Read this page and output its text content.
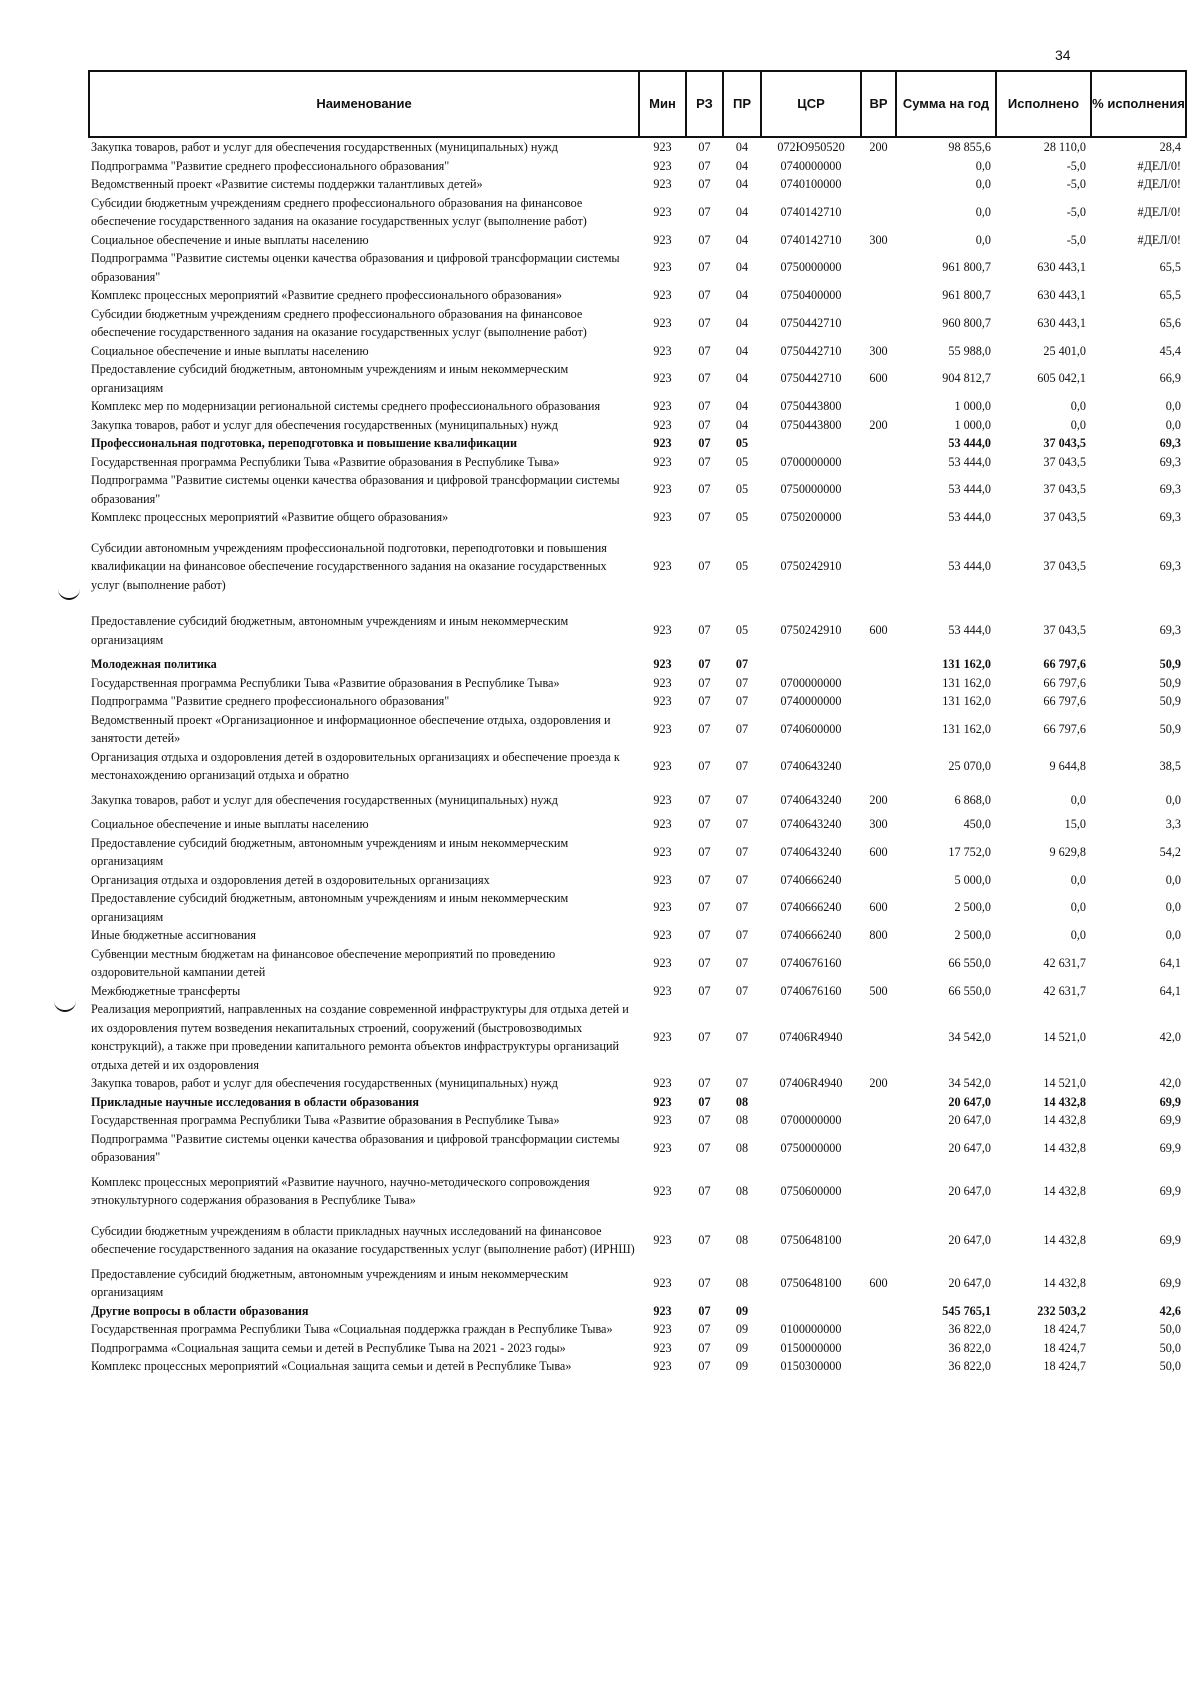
34
Наименование	Мин	РЗ	ПР	ЦСР	ВР	Сумма на год	Исполнено	% исполнения
Закупка товаров, работ и услуг для обеспечения государственных (муниципальных) нужд	923	07	04	072Ю950520	200	98 855,6	28 110,0	28,4
Подпрограмма "Развитие среднего профессионального образования"	923	07	04	0740000000		0,0	-5,0	#ДЕЛ/0!
Ведомственный проект «Развитие системы поддержки талантливых детей»	923	07	04	0740100000		0,0	-5,0	#ДЕЛ/0!
Субсидии бюджетным учреждениям среднего профессионального образования на финансовое обеспечение государственного задания на оказание государственных услуг (выполнение работ)	923	07	04	0740142710		0,0	-5,0	#ДЕЛ/0!
Социальное обеспечение и иные выплаты населению	923	07	04	0740142710	300	0,0	-5,0	#ДЕЛ/0!
Подпрограмма "Развитие системы оценки качества образования и цифровой трансформации системы образования"	923	07	04	0750000000		961 800,7	630 443,1	65,5
Комплекс процессных мероприятий «Развитие среднего профессионального образования»	923	07	04	0750400000		961 800,7	630 443,1	65,5
Субсидии бюджетным учреждениям среднего профессионального образования на финансовое обеспечение государственного задания на оказание государственных услуг (выполнение работ)	923	07	04	0750442710		960 800,7	630 443,1	65,6
Социальное обеспечение и иные выплаты населению	923	07	04	0750442710	300	55 988,0	25 401,0	45,4
Предоставление субсидий бюджетным, автономным учреждениям и иным некоммерческим организациям	923	07	04	0750442710	600	904 812,7	605 042,1	66,9
Комплекс мер по модернизации региональной системы среднего профессионального образования	923	07	04	0750443800		1 000,0	0,0	0,0
Закупка товаров, работ и услуг для обеспечения государственных (муниципальных) нужд	923	07	04	0750443800	200	1 000,0	0,0	0,0
Профессиональная подготовка, переподготовка и повышение квалификации	923	07	05			53 444,0	37 043,5	69,3
Государственная программа Республики Тыва «Развитие образования в Республике Тыва»	923	07	05	0700000000		53 444,0	37 043,5	69,3
Подпрограмма "Развитие системы оценки качества образования и цифровой трансформации системы образования"	923	07	05	0750000000		53 444,0	37 043,5	69,3
Комплекс процессных мероприятий «Развитие общего образования»	923	07	05	0750200000		53 444,0	37 043,5	69,3
Субсидии автономным учреждениям профессиональной подготовки, переподготовки и повышения квалификации на финансовое обеспечение государственного задания на оказание государственных услуг (выполнение работ)	923	07	05	0750242910		53 444,0	37 043,5	69,3
Предоставление субсидий бюджетным, автономным учреждениям и иным некоммерческим организациям	923	07	05	0750242910	600	53 444,0	37 043,5	69,3
Молодежная политика	923	07	07			131 162,0	66 797,6	50,9
Государственная программа Республики Тыва «Развитие образования в Республике Тыва»	923	07	07	0700000000		131 162,0	66 797,6	50,9
Подпрограмма "Развитие среднего профессионального образования"	923	07	07	0740000000		131 162,0	66 797,6	50,9
Ведомственный проект «Организационное и информационное обеспечение отдыха, оздоровления и занятости детей»	923	07	07	0740600000		131 162,0	66 797,6	50,9
Организация отдыха и оздоровления детей в оздоровительных организациях и обеспечение проезда к местонахождению организаций отдыха и обратно	923	07	07	0740643240		25 070,0	9 644,8	38,5
Закупка товаров, работ и услуг для обеспечения государственных (муниципальных) нужд	923	07	07	0740643240	200	6 868,0	0,0	0,0
Социальное обеспечение и иные выплаты населению	923	07	07	0740643240	300	450,0	15,0	3,3
Предоставление субсидий бюджетным, автономным учреждениям и иным некоммерческим организациям	923	07	07	0740643240	600	17 752,0	9 629,8	54,2
Организация отдыха и оздоровления детей в оздоровительных организациях	923	07	07	0740666240		5 000,0	0,0	0,0
Предоставление субсидий бюджетным, автономным учреждениям и иным некоммерческим организациям	923	07	07	0740666240	600	2 500,0	0,0	0,0
Иные бюджетные ассигнования	923	07	07	0740666240	800	2 500,0	0,0	0,0
Субвенции местным бюджетам на финансовое обеспечение мероприятий по проведению оздоровительной кампании детей	923	07	07	0740676160		66 550,0	42 631,7	64,1
Межбюджетные трансферты	923	07	07	0740676160	500	66 550,0	42 631,7	64,1
Реализация мероприятий, направленных на создание современной инфраструктуры для отдыха детей и их оздоровления путем возведения некапитальных строений, сооружений (быстровозводимых конструкций), а также при проведении капитального ремонта объектов инфраструктуры организаций отдыха детей и их оздоровления	923	07	07	07406R4940		34 542,0	14 521,0	42,0
Закупка товаров, работ и услуг для обеспечения государственных (муниципальных) нужд	923	07	07	07406R4940	200	34 542,0	14 521,0	42,0
Прикладные научные исследования в области образования	923	07	08			20 647,0	14 432,8	69,9
Государственная программа Республики Тыва «Развитие образования в Республике Тыва»	923	07	08	0700000000		20 647,0	14 432,8	69,9
Подпрограмма "Развитие системы оценки качества образования и цифровой трансформации системы образования"	923	07	08	0750000000		20 647,0	14 432,8	69,9
Комплекс процессных мероприятий «Развитие научного, научно-методического сопровождения этнокультурного содержания образования в Республике Тыва»	923	07	08	0750600000		20 647,0	14 432,8	69,9
Субсидии бюджетным учреждениям в области прикладных научных исследований на финансовое обеспечение государственного задания на оказание государственных услуг (выполнение работ) (ИРНШ)	923	07	08	0750648100		20 647,0	14 432,8	69,9
Предоставление субсидий бюджетным, автономным учреждениям и иным некоммерческим организациям	923	07	08	0750648100	600	20 647,0	14 432,8	69,9
Другие вопросы в области образования	923	07	09			545 765,1	232 503,2	42,6
Государственная программа Республики Тыва «Социальная поддержка граждан в Республике Тыва»	923	07	09	0100000000		36 822,0	18 424,7	50,0
Подпрограмма «Социальная защита семьи и детей в Республике Тыва на 2021 - 2023 годы»	923	07	09	0150000000		36 822,0	18 424,7	50,0
Комплекс процессных мероприятий «Социальная защита семьи и детей в Республике Тыва»	923	07	09	0150300000		36 822,0	18 424,7	50,0
